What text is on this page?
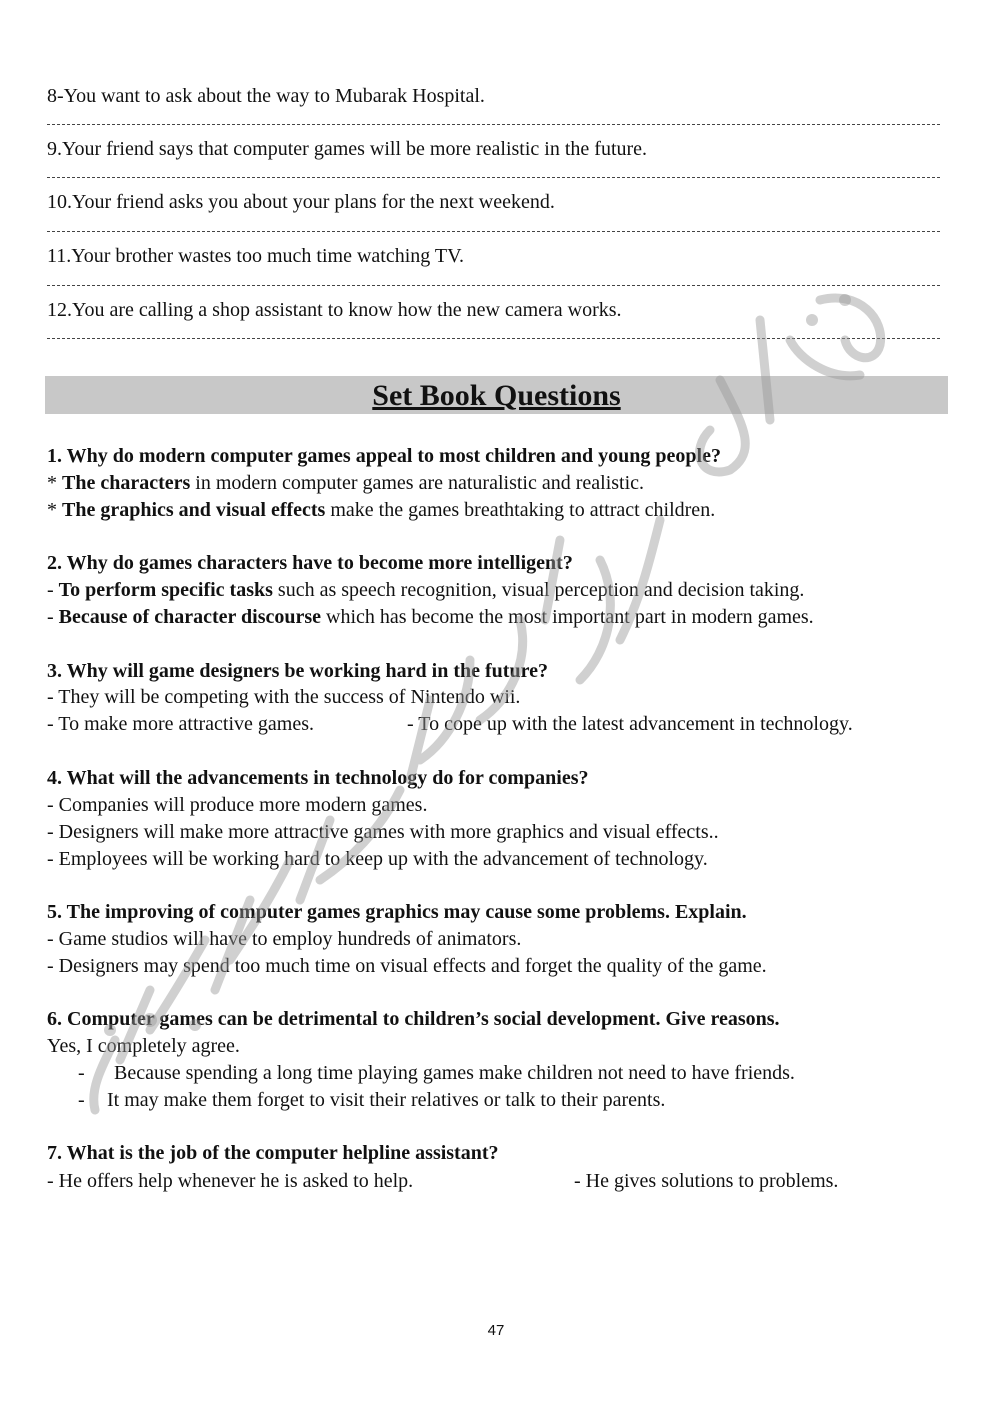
8-You want to ask about the way to Mubarak Hospital.
9.Your friend says that computer games will be more realistic in the future.
10.Your friend asks you about your plans for the next weekend.
11.Your brother wastes too much time watching TV.
12.You are calling a shop assistant to know how the new camera works.
Set Book Questions
1. Why do modern computer games appeal to most children and young people?
* The characters in modern computer games are naturalistic and realistic.
* The graphics and visual effects make the games breathtaking to attract children.
2. Why do games characters have to become more intelligent?
- To perform specific tasks such as speech recognition, visual perception and decision taking.
- Because of character discourse which has become the most important part in modern games.
3. Why will game designers be working hard in the future?
- They will be competing with the success of Nintendo wii.
- To make more attractive games.	- To cope up with the latest advancement in technology.
4. What will the advancements in technology do for companies?
- Companies will produce more modern games.
- Designers will make more attractive games with more graphics and visual effects..
- Employees will be working hard to keep up with the advancement of technology.
5. The improving of computer games graphics may cause some problems. Explain.
- Game studios will have to employ hundreds of animators.
- Designers may spend too much time on visual effects and forget the quality of the game.
6. Computer games can be detrimental to children’s social development. Give reasons.
Yes, I completely agree.
- Because spending a long time playing games make children not need to have friends.
- It may make them forget to visit their relatives or talk to their parents.
7. What is the job of the computer helpline assistant?
- He offers help whenever he is asked to help.	- He gives solutions to problems.
47
